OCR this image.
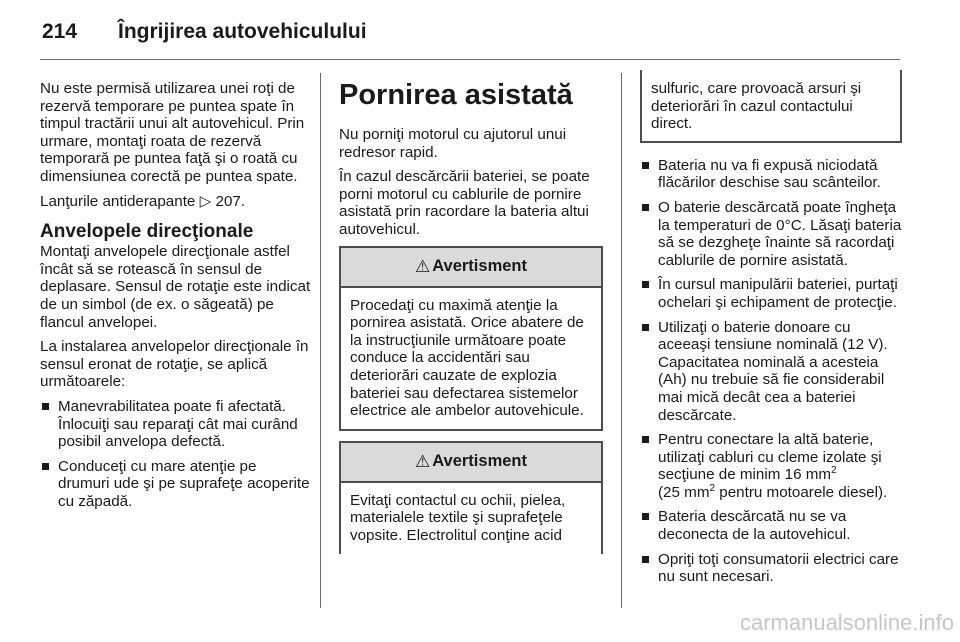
214 Îngrijirea autovehiculului

Nu este permisă utilizarea unei roţi de rezervă temporare pe puntea spate în timpul tractării unui alt autovehicul. Prin urmare, montaţi roata de rezervă temporară pe puntea faţă şi o roată cu dimensiunea corectă pe puntea spate.

Lanţurile antiderapante ▷ 207.

Anvelopele direcţionale

Montaţi anvelopele direcţionale astfel încât să se rotească în sensul de deplasare. Sensul de rotaţie este indicat de un simbol (de ex. o săgeată) pe flancul anvelopei.

La instalarea anvelopelor direcţionale în sensul eronat de rotaţie, se aplică următoarele:

Manevrabilitatea poate fi afectată. Înlocuiţi sau reparaţi cât mai curând posibil anvelopa defectă.
Conduceţi cu mare atenţie pe drumuri ude şi pe suprafeţe acoperite cu zăpadă.
Pornirea asistată

Nu porniţi motorul cu ajutorul unui redresor rapid.

În cazul descărcării bateriei, se poate porni motorul cu cablurile de pornire asistată prin racordare la bateria altui autovehicul.

⚠ Avertisment
Procedaţi cu maximă atenţie la pornirea asistată. Orice abatere de la instrucţiunile următoare poate conduce la accidentări sau deteriorări cauzate de explozia bateriei sau defectarea sistemelor electrice ale ambelor autovehicule.
⚠ Avertisment
Evitaţi contactul cu ochii, pielea, materialele textile şi suprafeţele vopsite. Electrolitul conţine acid
sulfuric, care provoacă arsuri şi deteriorări în cazul contactului direct.
Bateria nu va fi expusă niciodată flăcărilor deschise sau scânteilor.
O baterie descărcată poate îngheţa la temperaturi de 0°C. Lăsaţi bateria să se dezgheţe înainte să racordaţi cablurile de pornire asistată.
În cursul manipulării bateriei, purtaţi ochelari şi echipament de protecţie.
Utilizaţi o baterie donoare cu aceeaşi tensiune nominală (12 V). Capacitatea nominală a acesteia (Ah) nu trebuie să fie considerabil mai mică decât cea a bateriei descărcate.
Pentru conectare la altă baterie, utilizaţi cabluri cu cleme izolate şi secţiune de minim 16 $mm^2$
(25 $mm^2$ pentru motoarele diesel).
Bateria descărcată nu se va deconecta de la autovehicul.
Opriţi toţi consumatorii electrici care nu sunt necesari.
carmanualsonline.info
